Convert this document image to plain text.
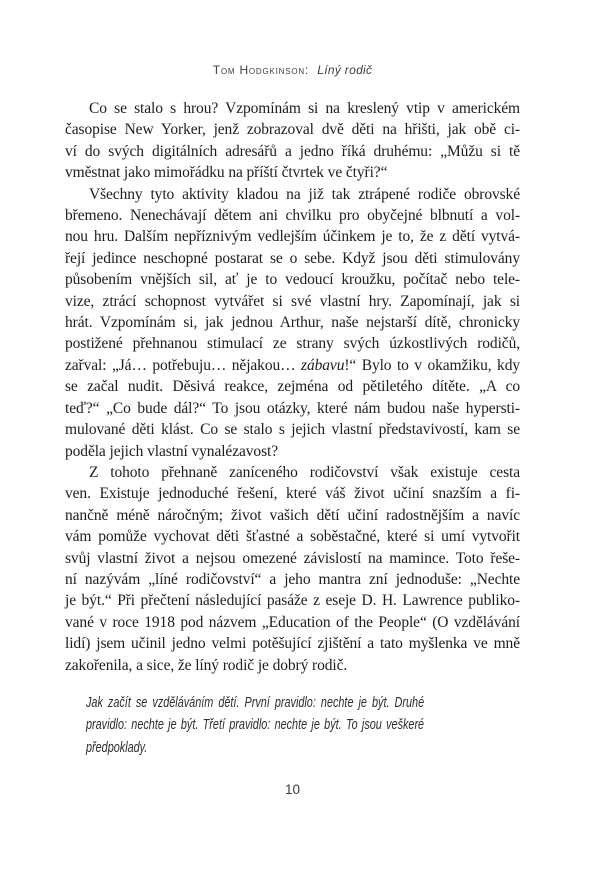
Tom Hodgkinson: Líný rodič
Co se stalo s hrou? Vzpomínám si na kreslený vtip v americkém
časopise New Yorker, jenž zobrazoval dvě děti na hřišti, jak obě ci-
ví do svých digitálních adresářů a jedno říká druhému: „Můžu si tě
vměstnat jako mimořádku na příští čtvrtek ve čtyři?“
Všechny tyto aktivity kladou na již tak ztrápené rodiče obrovské
břemeno. Nenechávají dětem ani chvilku pro obyčejné blbnutí a vol-
nou hru. Dalším nepříznivým vedlejším účinkem je to, že z dětí vytvá-
řejí jedince neschopné postarat se o sebe. Když jsou děti stimulovány
působením vnějších sil, ať je to vedoucí kroužku, počítač nebo tele-
vize, ztrácí schopnost vytvářet si své vlastní hry. Zapomínají, jak si
hrát. Vzpomínám si, jak jednou Arthur, naše nejstarší dítě, chronicky
postižené přehnanou stimulací ze strany svých úzkostlivých rodičů,
zařval: „Já… potřebuju… nějakou… zábavu!“ Bylo to v okamžiku, kdy
se začal nudit. Děsivá reakce, zejména od pětiletého dítěte. „A co
teď?“ „Co bude dál?“ To jsou otázky, které nám budou naše hypersti-
mulované děti klást. Co se stalo s jejich vlastní představivostí, kam se
poděla jejich vlastní vynalézavost?
Z tohoto přehnaně zaníceného rodičovství však existuje cesta
ven. Existuje jednoduché řešení, které váš život učiní snazším a fi-
nančně méně náročným; život vašich dětí učiní radostnějším a navíc
vám pomůže vychovat děti šťastné a soběstačné, které si umí vytvořit
svůj vlastní život a nejsou omezené závislostí na mamince. Toto řeše-
ní nazývám „líné rodičovství“ a jeho mantra zní jednoduše: „Nechte
je být.“ Při přečtení následující pasáže z eseje D. H. Lawrence publiko-
vané v roce 1918 pod názvem „Education of the People“ (O vzdělávání
lidí) jsem učinil jedno velmi potěšující zjištění a tato myšlenka ve mně
zakořenila, a sice, že líný rodič je dobrý rodič.
Jak začít se vzděláváním dětí. První pravidlo: nechte je být. Druhé
pravidlo: nechte je být. Třetí pravidlo: nechte je být. To jsou veškeré
předpoklady.
10
